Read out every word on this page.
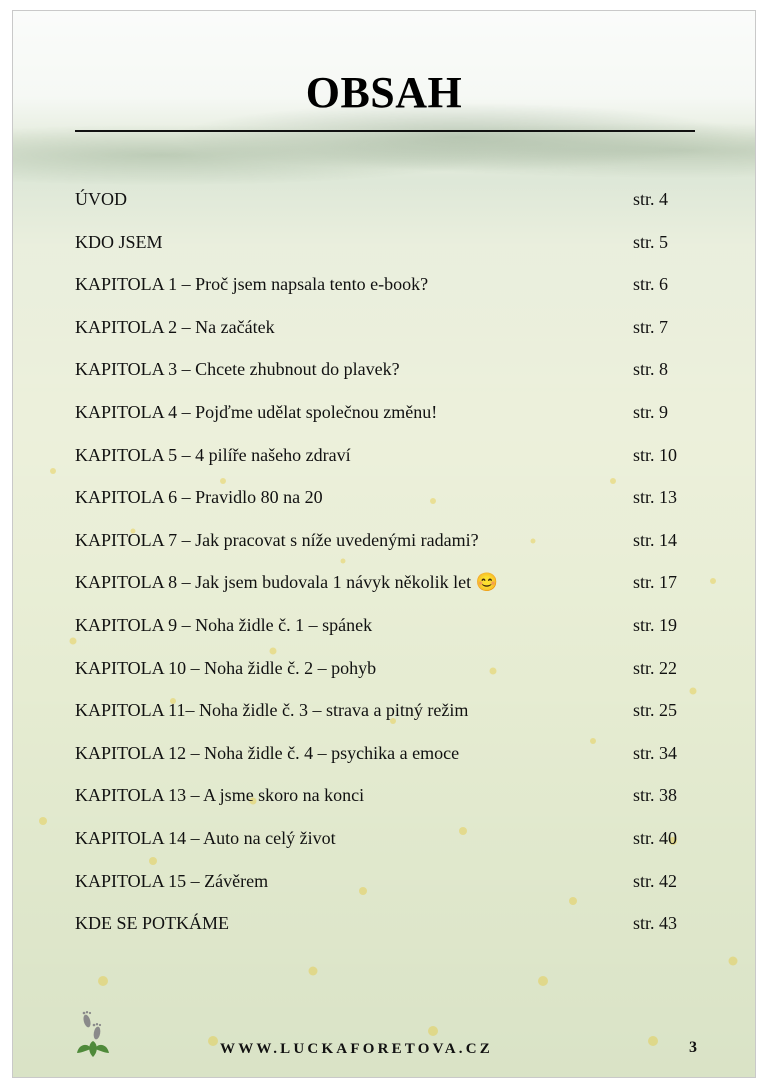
OBSAH
ÚVOD	str. 4
KDO JSEM	str. 5
KAPITOLA 1 – Proč jsem napsala tento e-book?	str. 6
KAPITOLA 2 – Na začátek	str. 7
KAPITOLA 3 – Chcete zhubnout do plavek?	str. 8
KAPITOLA 4 – Pojďme udělat společnou změnu!	str. 9
KAPITOLA 5 – 4 pilíře našeho zdraví	str. 10
KAPITOLA 6 – Pravidlo 80 na 20	str. 13
KAPITOLA 7 – Jak pracovat s níže uvedenými radami?	str. 14
KAPITOLA 8 – Jak jsem budovala 1 návyk několik let 😊	str. 17
KAPITOLA 9 – Noha židle č. 1 – spánek	str. 19
KAPITOLA 10 – Noha židle č. 2 – pohyb	str. 22
KAPITOLA 11– Noha židle č. 3 – strava a pitný režim	str. 25
KAPITOLA 12 – Noha židle č. 4 – psychika a emoce	str. 34
KAPITOLA 13 – A jsme skoro na konci	str. 38
KAPITOLA 14 – Auto na celý život	str. 40
KAPITOLA 15 – Závěrem	str. 42
KDE SE POTKÁME	str. 43
WWW.LUCKAFORETOVA.CZ	3
